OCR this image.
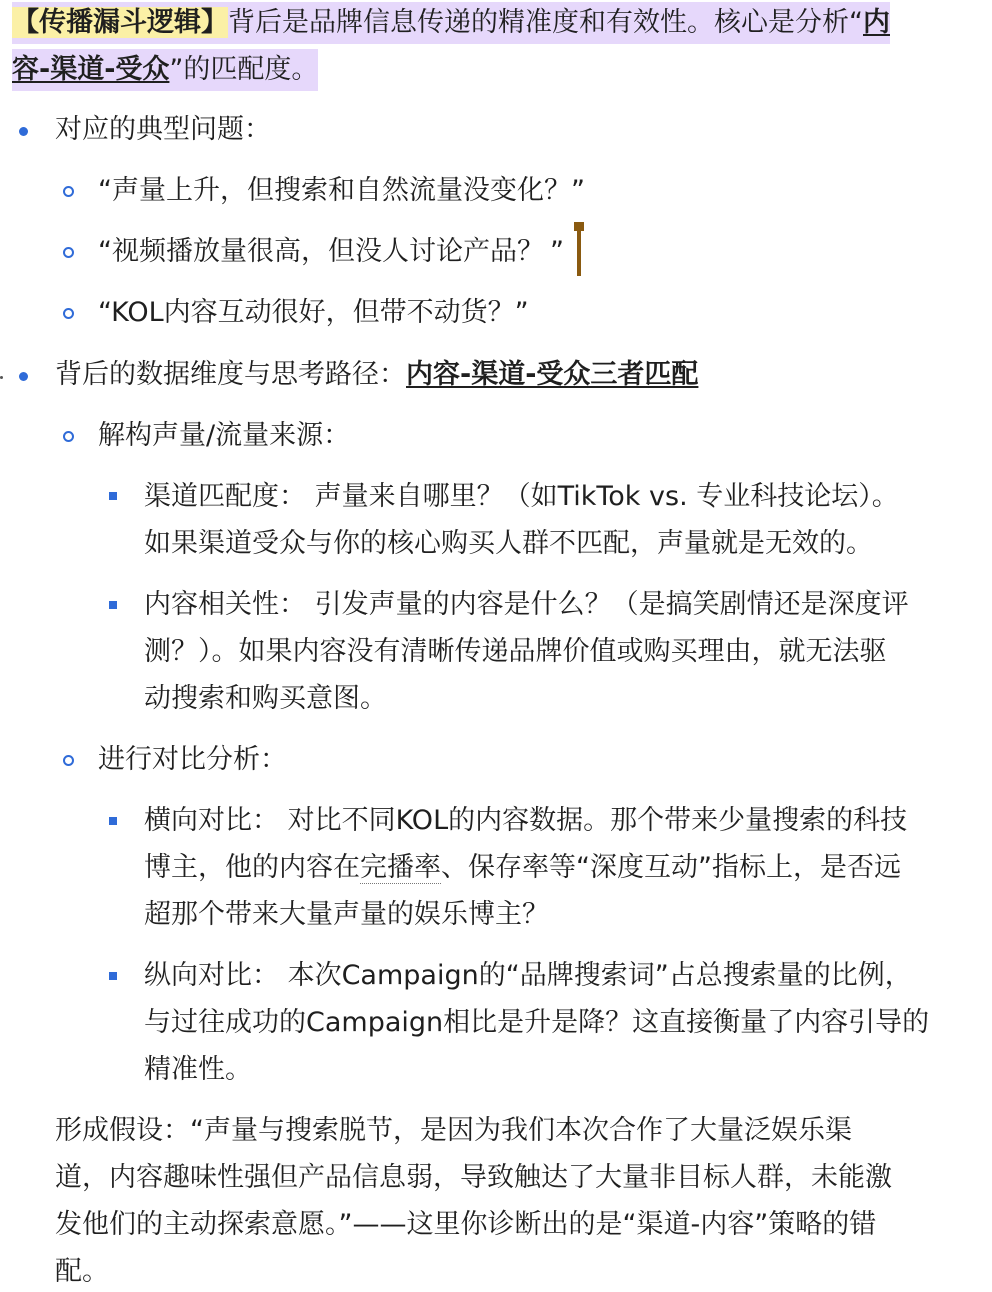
【传播漏斗逻辑】背后是品牌信息传递的精准度和有效性。核心是分析“内
容-渠道-受众”的匹配度。
对应的典型问题：
“声量上升，但搜索和自然流量没变化？”
“视频播放量很高，但没人讨论产品？ ”
“KOL内容互动很好，但带不动货？”
背后的数据维度与思考路径：内容-渠道-受众三者匹配
解构声量/流量来源：
渠道匹配度： 声量来自哪里？（如TikTok vs. 专业科技论坛）。
如果渠道受众与你的核心购买人群不匹配，声量就是无效的。
内容相关性： 引发声量的内容是什么？（是搞笑剧情还是深度评
测？）。如果内容没有清晰传递品牌价值或购买理由，就无法驱
动搜索和购买意图。
进行对比分析：
横向对比： 对比不同KOL的内容数据。那个带来少量搜索的科技
博主，他的内容在完播率、保存率等“深度互动”指标上，是否远
超那个带来大量声量的娱乐博主？
纵向对比： 本次Campaign的“品牌搜索词”占总搜索量的比例，
与过往成功的Campaign相比是升是降？这直接衡量了内容引导的
精准性。
形成假设：“声量与搜索脱节，是因为我们本次合作了大量泛娱乐渠
道，内容趣味性强但产品信息弱，导致触达了大量非目标人群，未能激
发他们的主动探索意愿。”——这里你诊断出的是“渠道-内容”策略的错
配。
